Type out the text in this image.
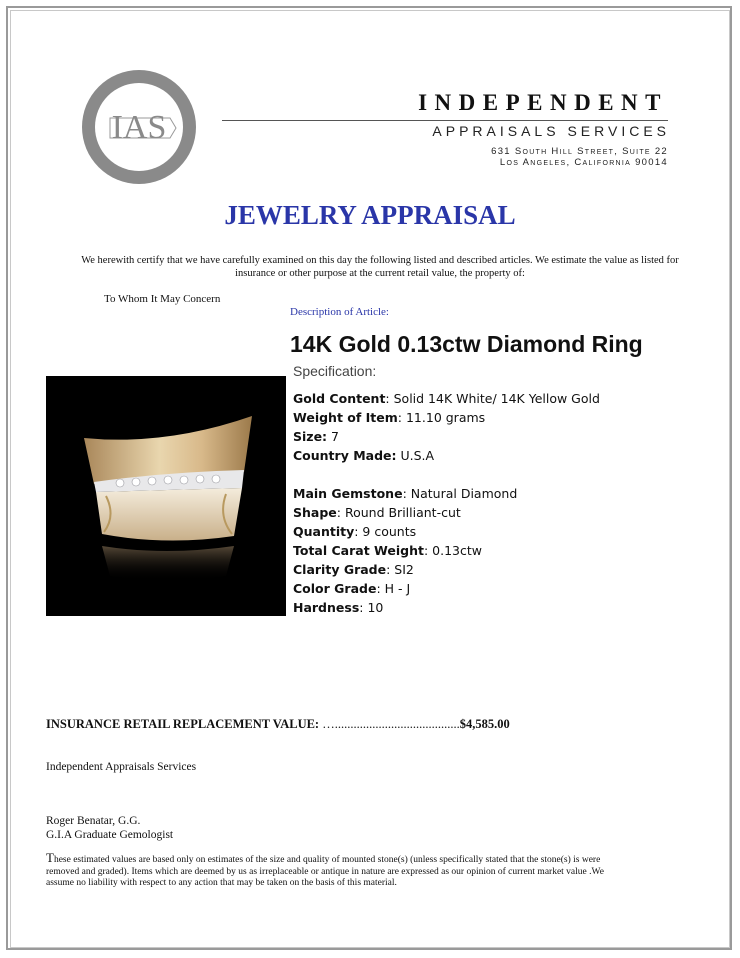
IAS
Appraisal
INDEPENDENT
APPRAISALS SERVICES
631 South Hill Street, Suite 22
Los Angeles, California 90014
JEWELRY APPRAISAL
We herewith certify that we have carefully examined on this day the following listed and described articles. We estimate the value as listed for insurance or other purpose at the current retail value, the property of:
To Whom It May Concern
Description of Article:
14K Gold 0.13ctw Diamond Ring
Specification:
Gold Content: Solid 14K White/ 14K Yellow Gold
Weight of Item: 11.10 grams
Size: 7
Country Made: U.S.A
Main Gemstone: Natural Diamond
Shape: Round Brilliant-cut
Quantity: 9 counts
Total Carat Weight: 0.13ctw
Clarity Grade: SI2
Color Grade: H - J
Hardness: 10
INSURANCE RETAIL REPLACEMENT VALUE: …........................................$4,585.00
Independent Appraisals Services
Roger Benatar, G.G.
G.I.A Graduate Gemologist
These estimated values are based only on estimates of the size and quality of mounted stone(s) (unless specifically stated that the stone(s) is were removed and graded). Items which are deemed by us as irreplaceable or antique in nature are expressed as our opinion of current market value .We assume no liability with respect to any action that may be taken on the basis of this material.
